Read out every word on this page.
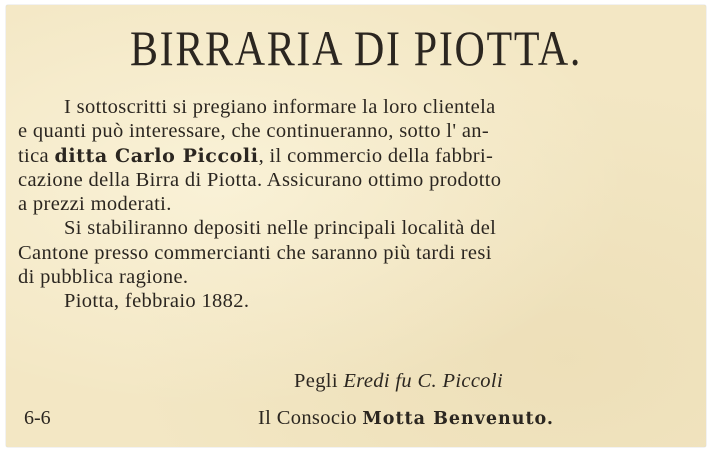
BIRRARIA DI PIOTTA.
I sottoscritti si pregiano informare la loro clientela
e quanti può interessare, che continueranno, sotto l' an-
tica ditta Carlo Piccoli, il commercio della fabbri-
cazione della Birra di Piotta. Assicurano ottimo prodotto
a prezzi moderati.
Si stabiliranno depositi nelle principali località del
Cantone presso commercianti che saranno più tardi resi
di pubblica ragione.
Piotta, febbraio 1882.
Pegli Eredi fu C. Piccoli
6-6	Il Consocio Motta Benvenuto.
